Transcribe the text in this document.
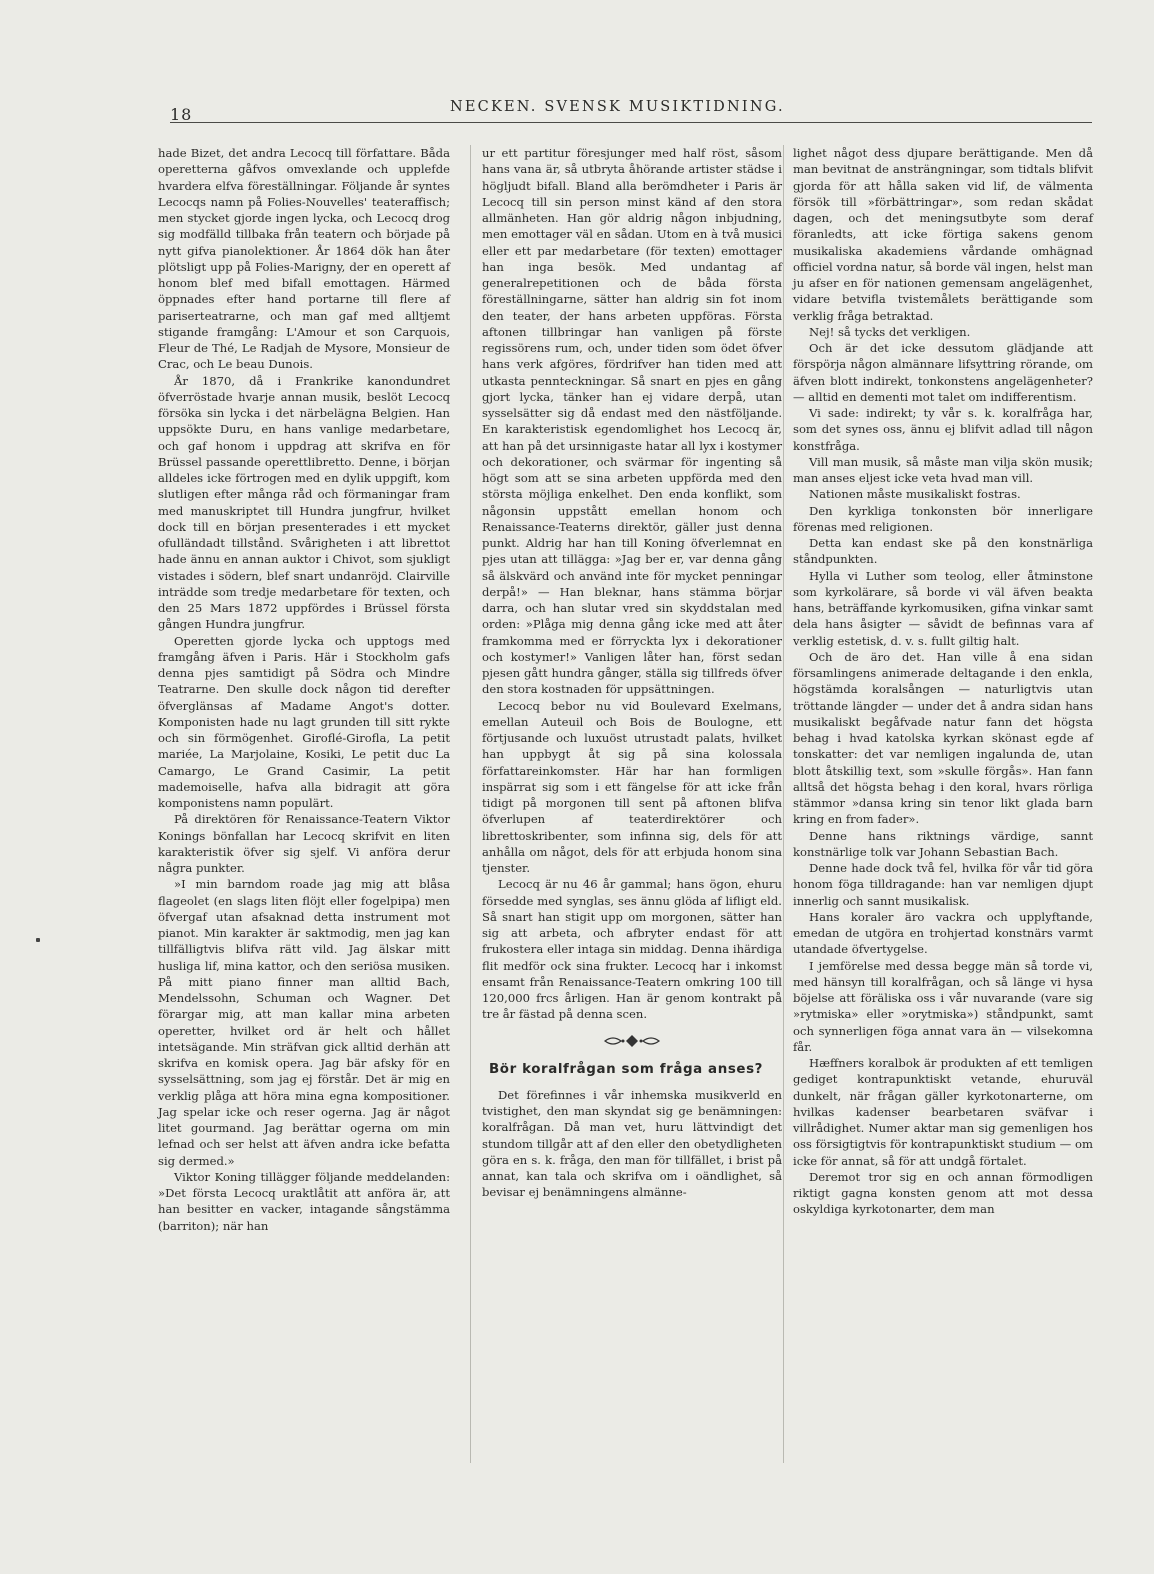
18	NECKEN. SVENSK MUSIKTIDNING.

hade Bizet, det andra Lecocq till författare. Båda operetterna gåfvos omvexlande och upplefde hvardera elfva föreställningar. Följande år syntes Lecocqs namn på Folies-Nouvelles' teateraffisch; men stycket gjorde ingen lycka, och Lecocq drog sig modfälld tillbaka från teatern och började på nytt gifva pianolektioner. År 1864 dök han åter plötsligt upp på Folies-Marigny, der en operett af honom blef med bifall emottagen. Härmed öppnades efter hand portarne till flere af pariserteatrarne, och man gaf med alltjemt stigande framgång: L'Amour et son Carquois, Fleur de Thé, Le Radjah de Mysore, Monsieur de Crac, och Le beau Dunois.

År 1870, då i Frankrike kanondundret öfverröstade hvarje annan musik, beslöt Lecocq försöka sin lycka i det närbelägna Belgien. Han uppsökte Duru, en hans vanlige medarbetare, och gaf honom i uppdrag att skrifva en för Brüssel passande operettlibretto. Denne, i början alldeles icke förtrogen med en dylik uppgift, kom slutligen efter många råd och förmaningar fram med manuskriptet till Hundra jungfrur, hvilket dock till en början presenterades i ett mycket ofulländadt tillstånd. Svårigheten i att librettot hade ännu en annan auktor i Chivot, som sjukligt vistades i södern, blef snart undanröjd. Clairville inträdde som tredje medarbetare för texten, och den 25 Mars 1872 uppfördes i Brüssel första gången Hundra jungfrur.

Operetten gjorde lycka och upptogs med framgång äfven i Paris. Här i Stockholm gafs denna pjes samtidigt på Södra och Mindre Teatrarne. Den skulle dock någon tid derefter öfverglänsas af Madame Angot's dotter. Komponisten hade nu lagt grunden till sitt rykte och sin förmögenhet. Giroflé-Girofla, La petit mariée, La Marjolaine, Kosiki, Le petit duc La Camargo, Le Grand Casimir, La petit mademoiselle, hafva alla bidragit att göra komponistens namn populärt.

På direktören för Renaissance-Teatern Viktor Konings bönfallan har Lecocq skrifvit en liten karakteristik öfver sig sjelf. Vi anföra derur några punkter.

»I min barndom roade jag mig att blåsa flageolet (en slags liten flöjt eller fogelpipa) men öfvergaf utan afsaknad detta instrument mot pianot. Min karakter är saktmodig, men jag kan tillfälligtvis blifva rätt vild. Jag älskar mitt husliga lif, mina kattor, och den seriösa musiken. På mitt piano finner man alltid Bach, Mendelssohn, Schuman och Wagner. Det förargar mig, att man kallar mina arbeten operetter, hvilket ord är helt och hållet intetsägande. Min sträfvan gick alltid derhän att skrifva en komisk opera. Jag bär afsky för en sysselsättning, som jag ej förstår. Det är mig en verklig plåga att höra mina egna kompositioner. Jag spelar icke och reser ogerna. Jag är något litet gourmand. Jag berättar ogerna om min lefnad och ser helst att äfven andra icke befatta sig dermed.»

Viktor Koning tillägger följande meddelanden: »Det första Lecocq uraktlåtit att anföra är, att han besitter en vacker, intagande sångstämma (barriton); när han

ur ett partitur föresjunger med half röst, såsom hans vana är, så utbryta åhörande artister städse i högljudt bifall. Bland alla berömdheter i Paris är Lecocq till sin person minst känd af den stora allmänheten. Han gör aldrig någon inbjudning, men emottager väl en sådan. Utom en à två musici eller ett par medarbetare (för texten) emottager han inga besök. Med undantag af generalrepetitionen och de båda första föreställningarne, sätter han aldrig sin fot inom den teater, der hans arbeten uppföras. Första aftonen tillbringar han vanligen på förste regissörens rum, och, under tiden som ödet öfver hans verk afgöres, fördrifver han tiden med att utkasta pennteckningar. Så snart en pjes en gång gjort lycka, tänker han ej vidare derpå, utan sysselsätter sig då endast med den nästföljande. En karakteristisk egendomlighet hos Lecocq är, att han på det ursinnigaste hatar all lyx i kostymer och dekorationer, och svärmar för ingenting så högt som att se sina arbeten uppförda med den största möjliga enkelhet. Den enda konflikt, som någonsin uppstått emellan honom och Renaissance-Teaterns direktör, gäller just denna punkt. Aldrig har han till Koning öfverlemnat en pjes utan att tillägga: »Jag ber er, var denna gång så älskvärd och använd inte för mycket penningar derpå!» — Han bleknar, hans stämma börjar darra, och han slutar vred sin skyddstalan med orden: »Plåga mig denna gång icke med att åter framkomma med er förryckta lyx i dekorationer och kostymer!» Vanligen låter han, först sedan pjesen gått hundra gånger, ställa sig tillfreds öfver den stora kostnaden för uppsättningen.

Lecocq bebor nu vid Boulevard Exelmans, emellan Auteuil och Bois de Boulogne, ett förtjusande och luxuöst utrustadt palats, hvilket han uppbygt åt sig på sina kolossala författareinkomster. Här har han formligen inspärrat sig som i ett fängelse för att icke från tidigt på morgonen till sent på aftonen blifva öfverlupen af teaterdirektörer och librettoskribenter, som infinna sig, dels för att anhålla om något, dels för att erbjuda honom sina tjenster.

Lecocq är nu 46 år gammal; hans ögon, ehuru försedde med synglas, ses ännu glöda af lifligt eld. Så snart han stigit upp om morgonen, sätter han sig att arbeta, och afbryter endast för att frukostera eller intaga sin middag. Denna ihärdiga flit medför ock sina frukter. Lecocq har i inkomst ensamt från Renaissance-Teatern omkring 100 till 120,000 frcs årligen. Han är genom kontrakt på tre år fästad på denna scen.

Bör koralfrågan som fråga anses?

Det förefinnes i vår inhemska musikverld en tvistighet, den man skyndat sig ge benämningen: koralfrågan. Då man vet, huru lättvindigt det stundom tillgår att af den eller den obetydligheten göra en s. k. fråga, den man för tillfället, i brist på annat, kan tala och skrifva om i oändlighet, så bevisar ej benämningens almänne-

lighet något dess djupare berättigande. Men då man bevitnat de ansträngningar, som tidtals blifvit gjorda för att hålla saken vid lif, de välmenta försök till »förbättringar», som redan skådat dagen, och det meningsutbyte som deraf föranledts, att icke förtiga sakens genom musikaliska akademiens vårdande omhägnad officiel vordna natur, så borde väl ingen, helst man ju afser en för nationen gemensam angelägenhet, vidare betvifla tvistemålets berättigande som verklig fråga betraktad.

Nej! så tycks det verkligen.

Och är det icke dessutom glädjande att förspörja någon almännare lifsyttring rörande, om äfven blott indirekt, tonkonstens angelägenheter? — alltid en dementi mot talet om indifferentism.

Vi sade: indirekt; ty vår s. k. koralfråga har, som det synes oss, ännu ej blifvit adlad till någon konstfråga.

Vill man musik, så måste man vilja skön musik; man anses eljest icke veta hvad man vill.

Nationen måste musikaliskt fostras.

Den kyrkliga tonkonsten bör innerligare förenas med religionen.

Detta kan endast ske på den konstnärliga ståndpunkten.

Hylla vi Luther som teolog, eller åtminstone som kyrkolärare, så borde vi väl äfven beakta hans, beträffande kyrkomusiken, gifna vinkar samt dela hans åsigter — såvidt de befinnas vara af verklig estetisk, d. v. s. fullt giltig halt.

Och de äro det. Han ville å ena sidan församlingens animerade deltagande i den enkla, högstämda koralsången — naturligtvis utan tröttande längder — under det å andra sidan hans musikaliskt begåfvade natur fann det högsta behag i hvad katolska kyrkan skönast egde af tonskatter: det var nemligen ingalunda de, utan blott åtskillig text, som »skulle förgås». Han fann alltså det högsta behag i den koral, hvars rörliga stämmor »dansa kring sin tenor likt glada barn kring en from fader».

Denne hans riktnings värdige, sannt konstnärlige tolk var Johann Sebastian Bach.

Denne hade dock två fel, hvilka för vår tid göra honom föga tilldragande: han var nemligen djupt innerlig och sannt musikalisk.

Hans koraler äro vackra och upplyftande, emedan de utgöra en trohjertad konstnärs varmt utandade öfvertygelse.

I jemförelse med dessa begge män så torde vi, med hänsyn till koralfrågan, och så länge vi hysa böjelse att föräliska oss i vår nuvarande (vare sig »rytmiska» eller »orytmiska») ståndpunkt, samt och synnerligen föga annat vara än — vilsekomna får.

Hæffners koralbok är produkten af ett temligen gediget kontrapunktiskt vetande, ehuruväl dunkelt, när frågan gäller kyrkotonarterne, om hvilkas kadenser bearbetaren sväfvar i villrådighet. Numer aktar man sig gemenligen hos oss försigtigtvis för kontrapunktiskt studium — om icke för annat, så för att undgå förtalet.

Deremot tror sig en och annan förmodligen riktigt gagna konsten genom att mot dessa oskyldiga kyrkotonarter, dem man
